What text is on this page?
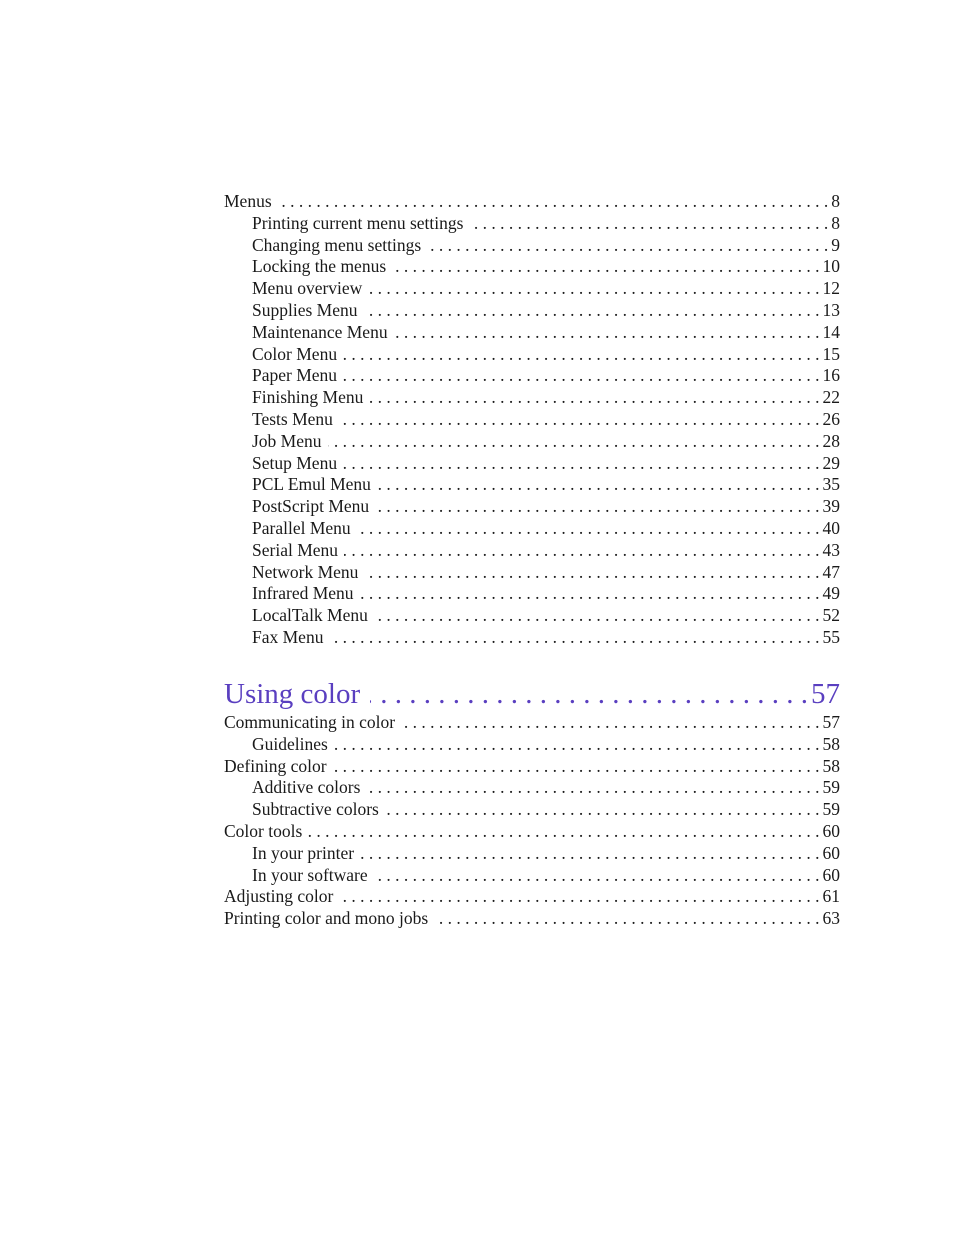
Menus . . .	8
Printing current menu settings . . .	8
Changing menu settings . . .	9
Locking the menus . . .	10
Menu overview . . .	12
Supplies Menu . . .	13
Maintenance Menu . . .	14
Color Menu . . .	15
Paper Menu . . .	16
Finishing Menu . . .	22
Tests Menu . . .	26
Job Menu . . .	28
Setup Menu . . .	29
PCL Emul Menu . . .	35
PostScript Menu . . .	39
Parallel Menu . . .	40
Serial Menu . . .	43
Network Menu . . .	47
Infrared Menu . . .	49
LocalTalk Menu . . .	52
Fax Menu . . .	55
Using color . . .	57
Communicating in color . . .	57
Guidelines . . .	58
Defining color . . .	58
Additive colors . . .	59
Subtractive colors . . .	59
Color tools . . .	60
In your printer . . .	60
In your software . . .	60
Adjusting color . . .	61
Printing color and mono jobs . . .	63
